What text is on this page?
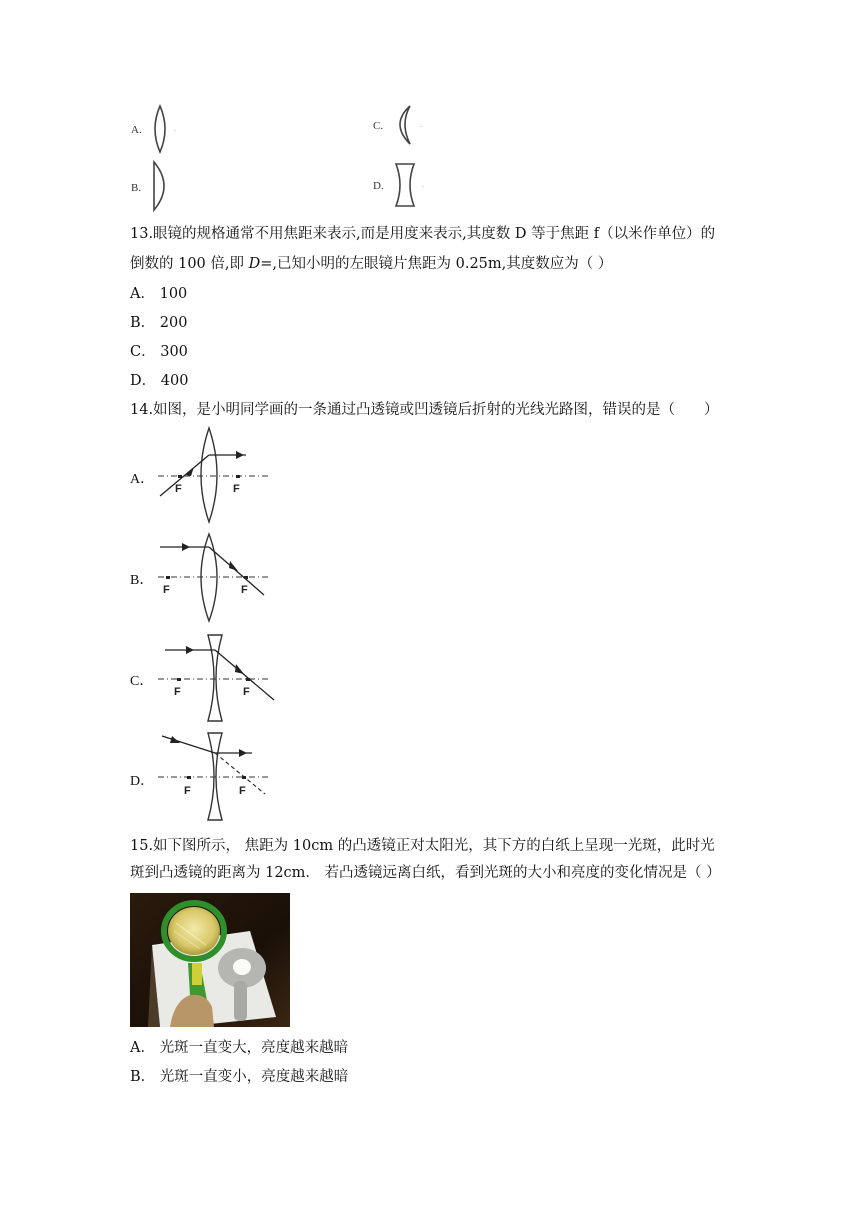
A.	·	C.	·
B.	D.	·
13.眼镜的规格通常不用焦距来表示,而是用度来表示,其度数 D 等于焦距 f（以米作单位）的
倒数的 100 倍,即 D=,已知小明的左眼镜片焦距为 0.25m,其度数应为（ ）
A． 100
B． 200
C． 300
D． 400
14.如图，是小明同学画的一条通过凸透镜或凹透镜后折射的光线光路图，错误的是（　　）
A．
F	F
B．
F	F
C．
F	F
D．
F	F
15.如下图所示， 焦距为 10cm 的凸透镜正对太阳光，其下方的白纸上呈现一光斑，此时光
斑到凸透镜的距离为 12cm． 若凸透镜远离白纸，看到光斑的大小和亮度的变化情况是（ ）
A． 光斑一直变大，亮度越来越暗
B． 光斑一直变小，亮度越来越暗
